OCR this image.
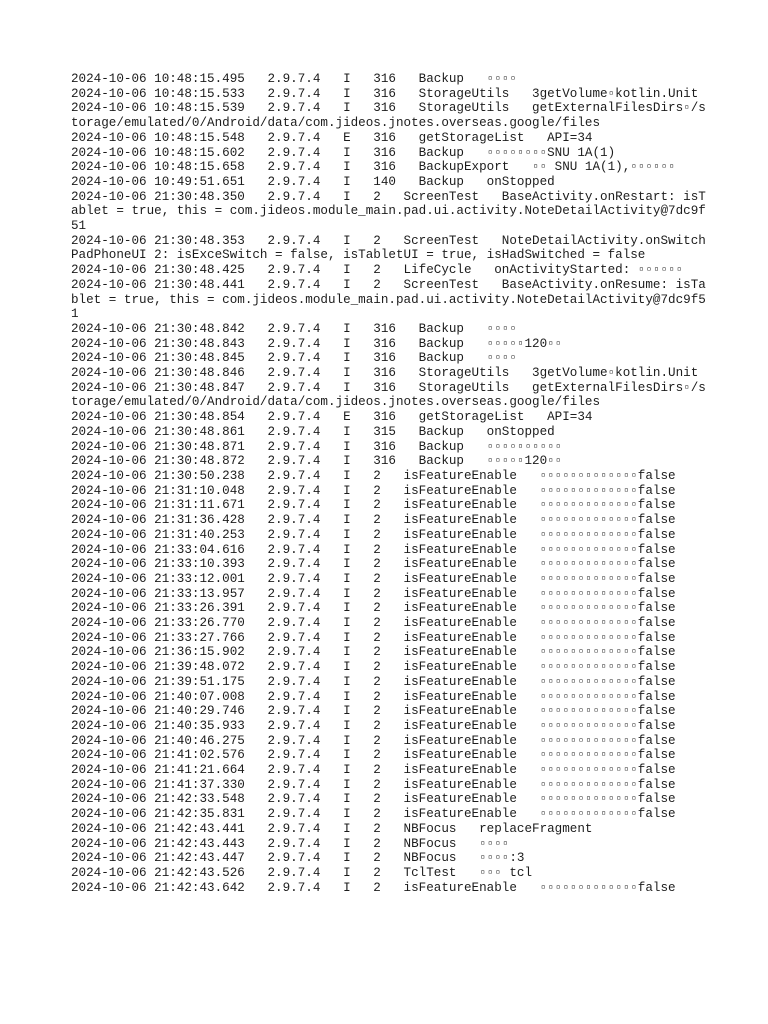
2024-10-06 10:48:15.495   2.9.7.4   I   316   Backup   ▫▫▫▫
2024-10-06 10:48:15.533   2.9.7.4   I   316   StorageUtils   3getVolume▫kotlin.Unit
2024-10-06 10:48:15.539   2.9.7.4   I   316   StorageUtils   getExternalFilesDirs▫/storage/emulated/0/Android/data/com.jideos.jnotes.overseas.google/files
2024-10-06 10:48:15.548   2.9.7.4   E   316   getStorageList   API=34
2024-10-06 10:48:15.602   2.9.7.4   I   316   Backup   ▫▫▫▫▫▫▫▫SNU 1A(1)
2024-10-06 10:48:15.658   2.9.7.4   I   316   BackupExport   ▫▫ SNU 1A(1),▫▫▫▫▫▫
2024-10-06 10:49:51.651   2.9.7.4   I   140   Backup   onStopped
2024-10-06 21:30:48.350   2.9.7.4   I   2   ScreenTest   BaseActivity.onRestart: isTablet = true, this = com.jideos.module_main.pad.ui.activity.NoteDetailActivity@7dc9f51
2024-10-06 21:30:48.353   2.9.7.4   I   2   ScreenTest   NoteDetailActivity.onSwitchPadPhoneUI 2: isExceSwitch = false, isTabletUI = true, isHadSwitched = false
2024-10-06 21:30:48.425   2.9.7.4   I   2   LifeCycle   onActivityStarted: ▫▫▫▫▫▫
2024-10-06 21:30:48.441   2.9.7.4   I   2   ScreenTest   BaseActivity.onResume: isTablet = true, this = com.jideos.module_main.pad.ui.activity.NoteDetailActivity@7dc9f51
2024-10-06 21:30:48.842   2.9.7.4   I   316   Backup   ▫▫▫▫
2024-10-06 21:30:48.843   2.9.7.4   I   316   Backup   ▫▫▫▫▫120▫▫
2024-10-06 21:30:48.845   2.9.7.4   I   316   Backup   ▫▫▫▫
2024-10-06 21:30:48.846   2.9.7.4   I   316   StorageUtils   3getVolume▫kotlin.Unit
2024-10-06 21:30:48.847   2.9.7.4   I   316   StorageUtils   getExternalFilesDirs▫/storage/emulated/0/Android/data/com.jideos.jnotes.overseas.google/files
2024-10-06 21:30:48.854   2.9.7.4   E   316   getStorageList   API=34
2024-10-06 21:30:48.861   2.9.7.4   I   315   Backup   onStopped
2024-10-06 21:30:48.871   2.9.7.4   I   316   Backup   ▫▫▫▫▫▫▫▫▫▫
2024-10-06 21:30:48.872   2.9.7.4   I   316   Backup   ▫▫▫▫▫120▫▫
2024-10-06 21:30:50.238   2.9.7.4   I   2   isFeatureEnable   ▫▫▫▫▫▫▫▫▫▫▫▫▫false
2024-10-06 21:31:10.048   2.9.7.4   I   2   isFeatureEnable   ▫▫▫▫▫▫▫▫▫▫▫▫▫false
2024-10-06 21:31:11.671   2.9.7.4   I   2   isFeatureEnable   ▫▫▫▫▫▫▫▫▫▫▫▫▫false
2024-10-06 21:31:36.428   2.9.7.4   I   2   isFeatureEnable   ▫▫▫▫▫▫▫▫▫▫▫▫▫false
2024-10-06 21:31:40.253   2.9.7.4   I   2   isFeatureEnable   ▫▫▫▫▫▫▫▫▫▫▫▫▫false
2024-10-06 21:33:04.616   2.9.7.4   I   2   isFeatureEnable   ▫▫▫▫▫▫▫▫▫▫▫▫▫false
2024-10-06 21:33:10.393   2.9.7.4   I   2   isFeatureEnable   ▫▫▫▫▫▫▫▫▫▫▫▫▫false
2024-10-06 21:33:12.001   2.9.7.4   I   2   isFeatureEnable   ▫▫▫▫▫▫▫▫▫▫▫▫▫false
2024-10-06 21:33:13.957   2.9.7.4   I   2   isFeatureEnable   ▫▫▫▫▫▫▫▫▫▫▫▫▫false
2024-10-06 21:33:26.391   2.9.7.4   I   2   isFeatureEnable   ▫▫▫▫▫▫▫▫▫▫▫▫▫false
2024-10-06 21:33:26.770   2.9.7.4   I   2   isFeatureEnable   ▫▫▫▫▫▫▫▫▫▫▫▫▫false
2024-10-06 21:33:27.766   2.9.7.4   I   2   isFeatureEnable   ▫▫▫▫▫▫▫▫▫▫▫▫▫false
2024-10-06 21:36:15.902   2.9.7.4   I   2   isFeatureEnable   ▫▫▫▫▫▫▫▫▫▫▫▫▫false
2024-10-06 21:39:48.072   2.9.7.4   I   2   isFeatureEnable   ▫▫▫▫▫▫▫▫▫▫▫▫▫false
2024-10-06 21:39:51.175   2.9.7.4   I   2   isFeatureEnable   ▫▫▫▫▫▫▫▫▫▫▫▫▫false
2024-10-06 21:40:07.008   2.9.7.4   I   2   isFeatureEnable   ▫▫▫▫▫▫▫▫▫▫▫▫▫false
2024-10-06 21:40:29.746   2.9.7.4   I   2   isFeatureEnable   ▫▫▫▫▫▫▫▫▫▫▫▫▫false
2024-10-06 21:40:35.933   2.9.7.4   I   2   isFeatureEnable   ▫▫▫▫▫▫▫▫▫▫▫▫▫false
2024-10-06 21:40:46.275   2.9.7.4   I   2   isFeatureEnable   ▫▫▫▫▫▫▫▫▫▫▫▫▫false
2024-10-06 21:41:02.576   2.9.7.4   I   2   isFeatureEnable   ▫▫▫▫▫▫▫▫▫▫▫▫▫false
2024-10-06 21:41:21.664   2.9.7.4   I   2   isFeatureEnable   ▫▫▫▫▫▫▫▫▫▫▫▫▫false
2024-10-06 21:41:37.330   2.9.7.4   I   2   isFeatureEnable   ▫▫▫▫▫▫▫▫▫▫▫▫▫false
2024-10-06 21:42:33.548   2.9.7.4   I   2   isFeatureEnable   ▫▫▫▫▫▫▫▫▫▫▫▫▫false
2024-10-06 21:42:35.831   2.9.7.4   I   2   isFeatureEnable   ▫▫▫▫▫▫▫▫▫▫▫▫▫false
2024-10-06 21:42:43.441   2.9.7.4   I   2   NBFocus   replaceFragment
2024-10-06 21:42:43.443   2.9.7.4   I   2   NBFocus   ▫▫▫▫
2024-10-06 21:42:43.447   2.9.7.4   I   2   NBFocus   ▫▫▫▫:3
2024-10-06 21:42:43.526   2.9.7.4   I   2   TclTest   ▫▫▫ tcl
2024-10-06 21:42:43.642   2.9.7.4   I   2   isFeatureEnable   ▫▫▫▫▫▫▫▫▫▫▫▫▫false
